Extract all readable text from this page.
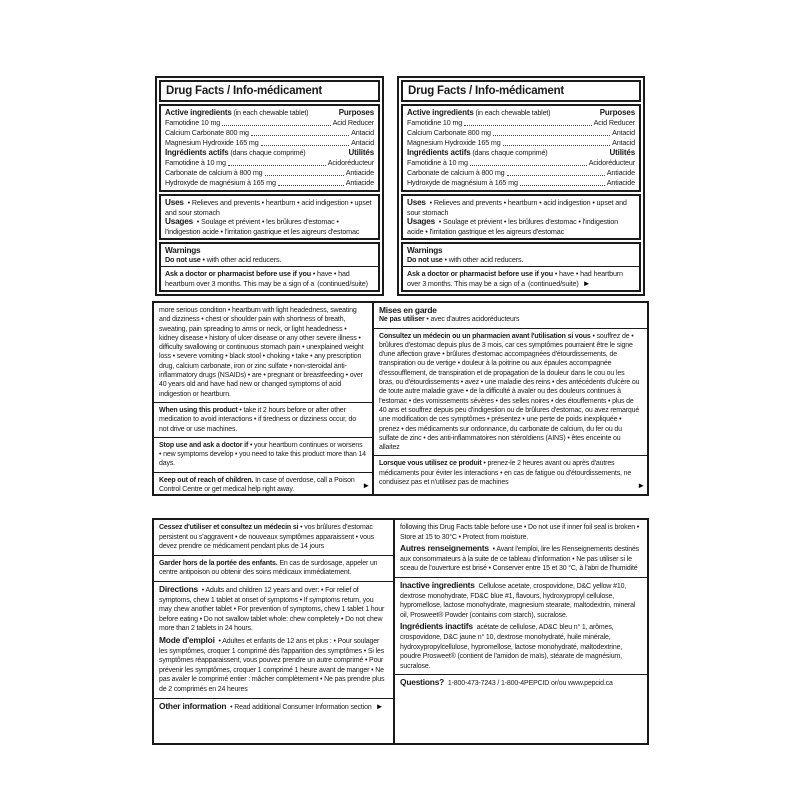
Drug Facts / Info-médicament
Active ingredients (in each chewable tablet)	Purposes
Famotidine 10 mg	Acid Reducer
Calcium Carbonate 800 mg	Antacid
Magnesium Hydroxide 165 mg	Antacid
Ingrédients actifs (dans chaque comprimé)	Utilités
Famotidine à 10 mg	Acidoréducteur
Carbonate de calcium à 800 mg	Antiacide
Hydroxyde de magnésium à 165 mg	Antiacide
Uses • Relieves and prevents • heartburn • acid indigestion • upset and sour stomach
Usages • Soulage et prévient • les brûlures d'estomac • l'indigestion acide • l'irritation gastrique et les aigreurs d'estomac
Warnings
Do not use • with other acid reducers.
Ask a doctor or pharmacist before use if you • have • had heartburn over 3 months. This may be a sign of a (continued/suite)
Drug Facts / Info-médicament
Active ingredients (in each chewable tablet)	Purposes
Famotidine 10 mg	Acid Reducer
Calcium Carbonate 800 mg	Antacid
Magnesium Hydroxide 165 mg	Antacid
Ingrédients actifs (dans chaque comprimé)	Utilités
Famotidine à 10 mg	Acidoréducteur
Carbonate de calcium à 800 mg	Antiacide
Hydroxyde de magnésium à 165 mg	Antiacide
Uses • Relieves and prevents • heartburn • acid indigestion • upset and sour stomach
Usages • Soulage et prévient • les brûlures d'estomac • l'indigestion acide • l'irritation gastrique et les aigreurs d'estomac
Warnings
Do not use • with other acid reducers.
Ask a doctor or pharmacist before use if you • have • had heartburn over 3 months. This may be a sign of a (continued/suite) ►

more serious condition • heartburn with light headedness, sweating and dizziness • chest or shoulder pain with shortness of breath, sweating, pain spreading to arms or neck, or light headedness • kidney disease • history of ulcer disease or any other severe illness • difficulty swallowing or continuous stomach pain • unexplained weight loss • severe vomiting • black stool • choking • take • any prescription drug, calcium carbonate, iron or zinc sulfate • non-steroidal anti-inflammatory drugs (NSAIDs) • are • pregnant or breastfeeding • over 40 years old and have had new or changed symptoms of acid indigestion or heartburn.

When using this product • take it 2 hours before or after other medication to avoid interactions • if tiredness or dizziness occur, do not drive or use machines.

Stop use and ask a doctor if • your heartburn continues or worsens • new symptoms develop • you need to take this product more than 14 days.

Keep out of reach of children. In case of overdose, call a Poison Control Centre or get medical help right away.	►
Mises en garde

Ne pas utiliser • avec d'autres acidoréducteurs

Consultez un médecin ou un pharmacien avant l'utilisation si vous • souffrez de • brûlures d'estomac depuis plus de 3 mois, car ces symptômes pourraient être le signe d'une affection grave • brûlures d'estomac accompagnées d'étourdissements, de transpiration ou de vertige • douleur à la poitrine ou aux épaules accompagnée d'essoufflement, de transpiration et de propagation de la douleur dans le cou ou les bras, ou d'étourdissements • avez • une maladie des reins • des antécédents d'ulcère ou de toute autre maladie grave • de la difficulté à avaler ou des douleurs continues à l'estomac • des vomissements sévères • des selles noires • des étouffements • plus de 40 ans et souffrez depuis peu d'indigestion ou de brûlures d'estomac, ou avez remarqué une modification de ces symptômes • présentez • une perte de poids inexpliquée • prenez • des médicaments sur ordonnance, du carbonate de calcium, du fer ou du sulfate de zinc • des anti-inflammatoires non stéroïdiens (AINS) • êtes enceinte ou allaitez

Lorsque vous utilisez ce produit • prenez-le 2 heures avant ou après d'autres médicaments pour éviter les interactions • en cas de fatigue ou d'étourdissements, ne conduisez pas et n'utilisez pas de machines	►

Cessez d'utiliser et consultez un médecin si • vos brûlures d'estomac persistent ou s'aggravent • de nouveaux symptômes apparaissent • vous devez prendre ce médicament pendant plus de 14 jours

Garder hors de la portée des enfants. En cas de surdosage, appeler un centre antipoison ou obtenir des soins médicaux immédiatement.

Directions • Adults and children 12 years and over: • For relief of symptoms, chew 1 tablet at onset of symptoms • If symptoms return, you may chew another tablet • For prevention of symptoms, chew 1 tablet 1 hour before eating • Do not swallow tablet whole: chew completely • Do not chew more than 2 tablets in 24 hours.

Mode d'emploi • Adultes et enfants de 12 ans et plus : • Pour soulager les symptômes, croquer 1 comprimé dès l'apparition des symptômes • Si les symptômes réapparaissent, vous pouvez prendre un autre comprimé • Pour prévenir les symptômes, croquer 1 comprimé 1 heure avant de manger • Ne pas avaler le comprimé entier : mâcher complètement • Ne pas prendre plus de 2 comprimés en 24 heures

Other information • Read additional Consumer Information section ►

following this Drug Facts table before use • Do not use if inner foil seal is broken • Store at 15 to 30°C • Protect from moisture.

Autres renseignements • Avant l'emploi, lire les Renseignements destinés aux consommateurs à la suite de ce tableau d'information • Ne pas utiliser si le sceau de l'ouverture est brisé • Conserver entre 15 et 30 °C, à l'abri de l'humidité

Inactive ingredients Cellulose acetate, crospovidone, D&C yellow #10, dextrose monohydrate, FD&C blue #1, flavours, hydroxypropyl cellulose, hypromellose, lactose monohydrate, magnesium stearate, maltodextrin, mineral oil, Prosweet® Powder (contains corn starch), sucralose.

Ingrédients inactifs acétate de cellulose, AD&C bleu n° 1, arômes, crospovidone, D&C jaune n° 10, dextrose monohydraté, huile minérale, hydroxypropylcellulose, hypromellose, lactose monohydraté, maltodextrine, poudre Prosweet® (contient de l'amidon de maïs), stéarate de magnésium, sucralose.

Questions? 1-800-473-7243 / 1-800-4PEPCID or/ou www.pepcid.ca
